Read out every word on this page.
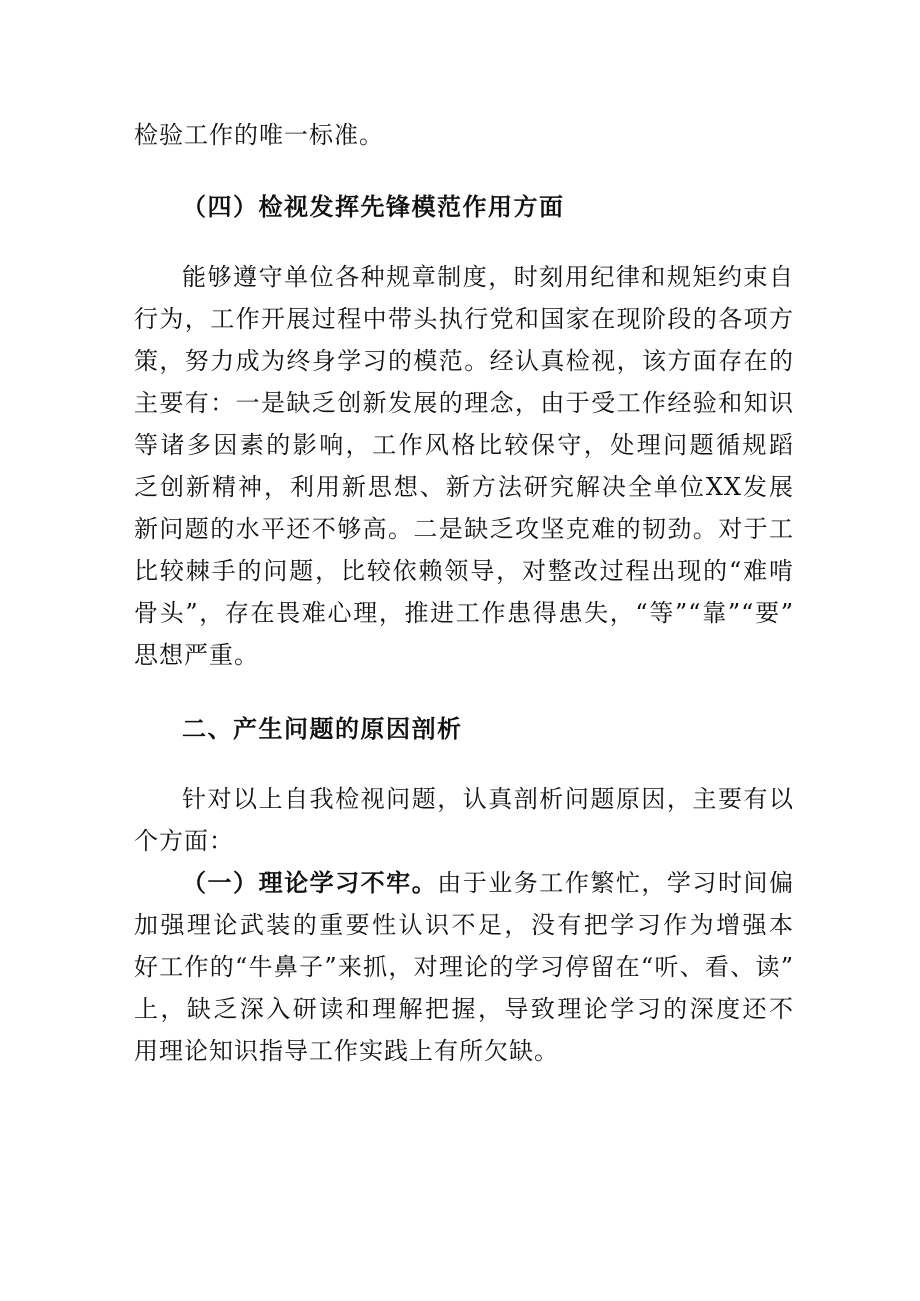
检验工作的唯一标准。
（四）检视发挥先锋模范作用方面
能够遵守单位各种规章制度，时刻用纪律和规矩约束自
行为，工作开展过程中带头执行党和国家在现阶段的各项方
策，努力成为终身学习的模范。经认真检视，该方面存在的
主要有：一是缺乏创新发展的理念，由于受工作经验和知识
等诸多因素的影响，工作风格比较保守，处理问题循规蹈
乏创新精神，利用新思想、新方法研究解决全单位XX发展
新问题的水平还不够高。二是缺乏攻坚克难的韧劲。对于工
比较棘手的问题，比较依赖领导，对整改过程出现的“难啃
骨头”，存在畏难心理，推进工作患得患失，“等”“靠”“要”
思想严重。
二、产生问题的原因剖析
针对以上自我检视问题，认真剖析问题原因，主要有以
个方面：
（一）理论学习不牢。由于业务工作繁忙，学习时间偏
加强理论武装的重要性认识不足，没有把学习作为增强本
好工作的“牛鼻子”来抓，对理论的学习停留在“听、看、读”
上，缺乏深入研读和理解把握，导致理论学习的深度还不
用理论知识指导工作实践上有所欠缺。
